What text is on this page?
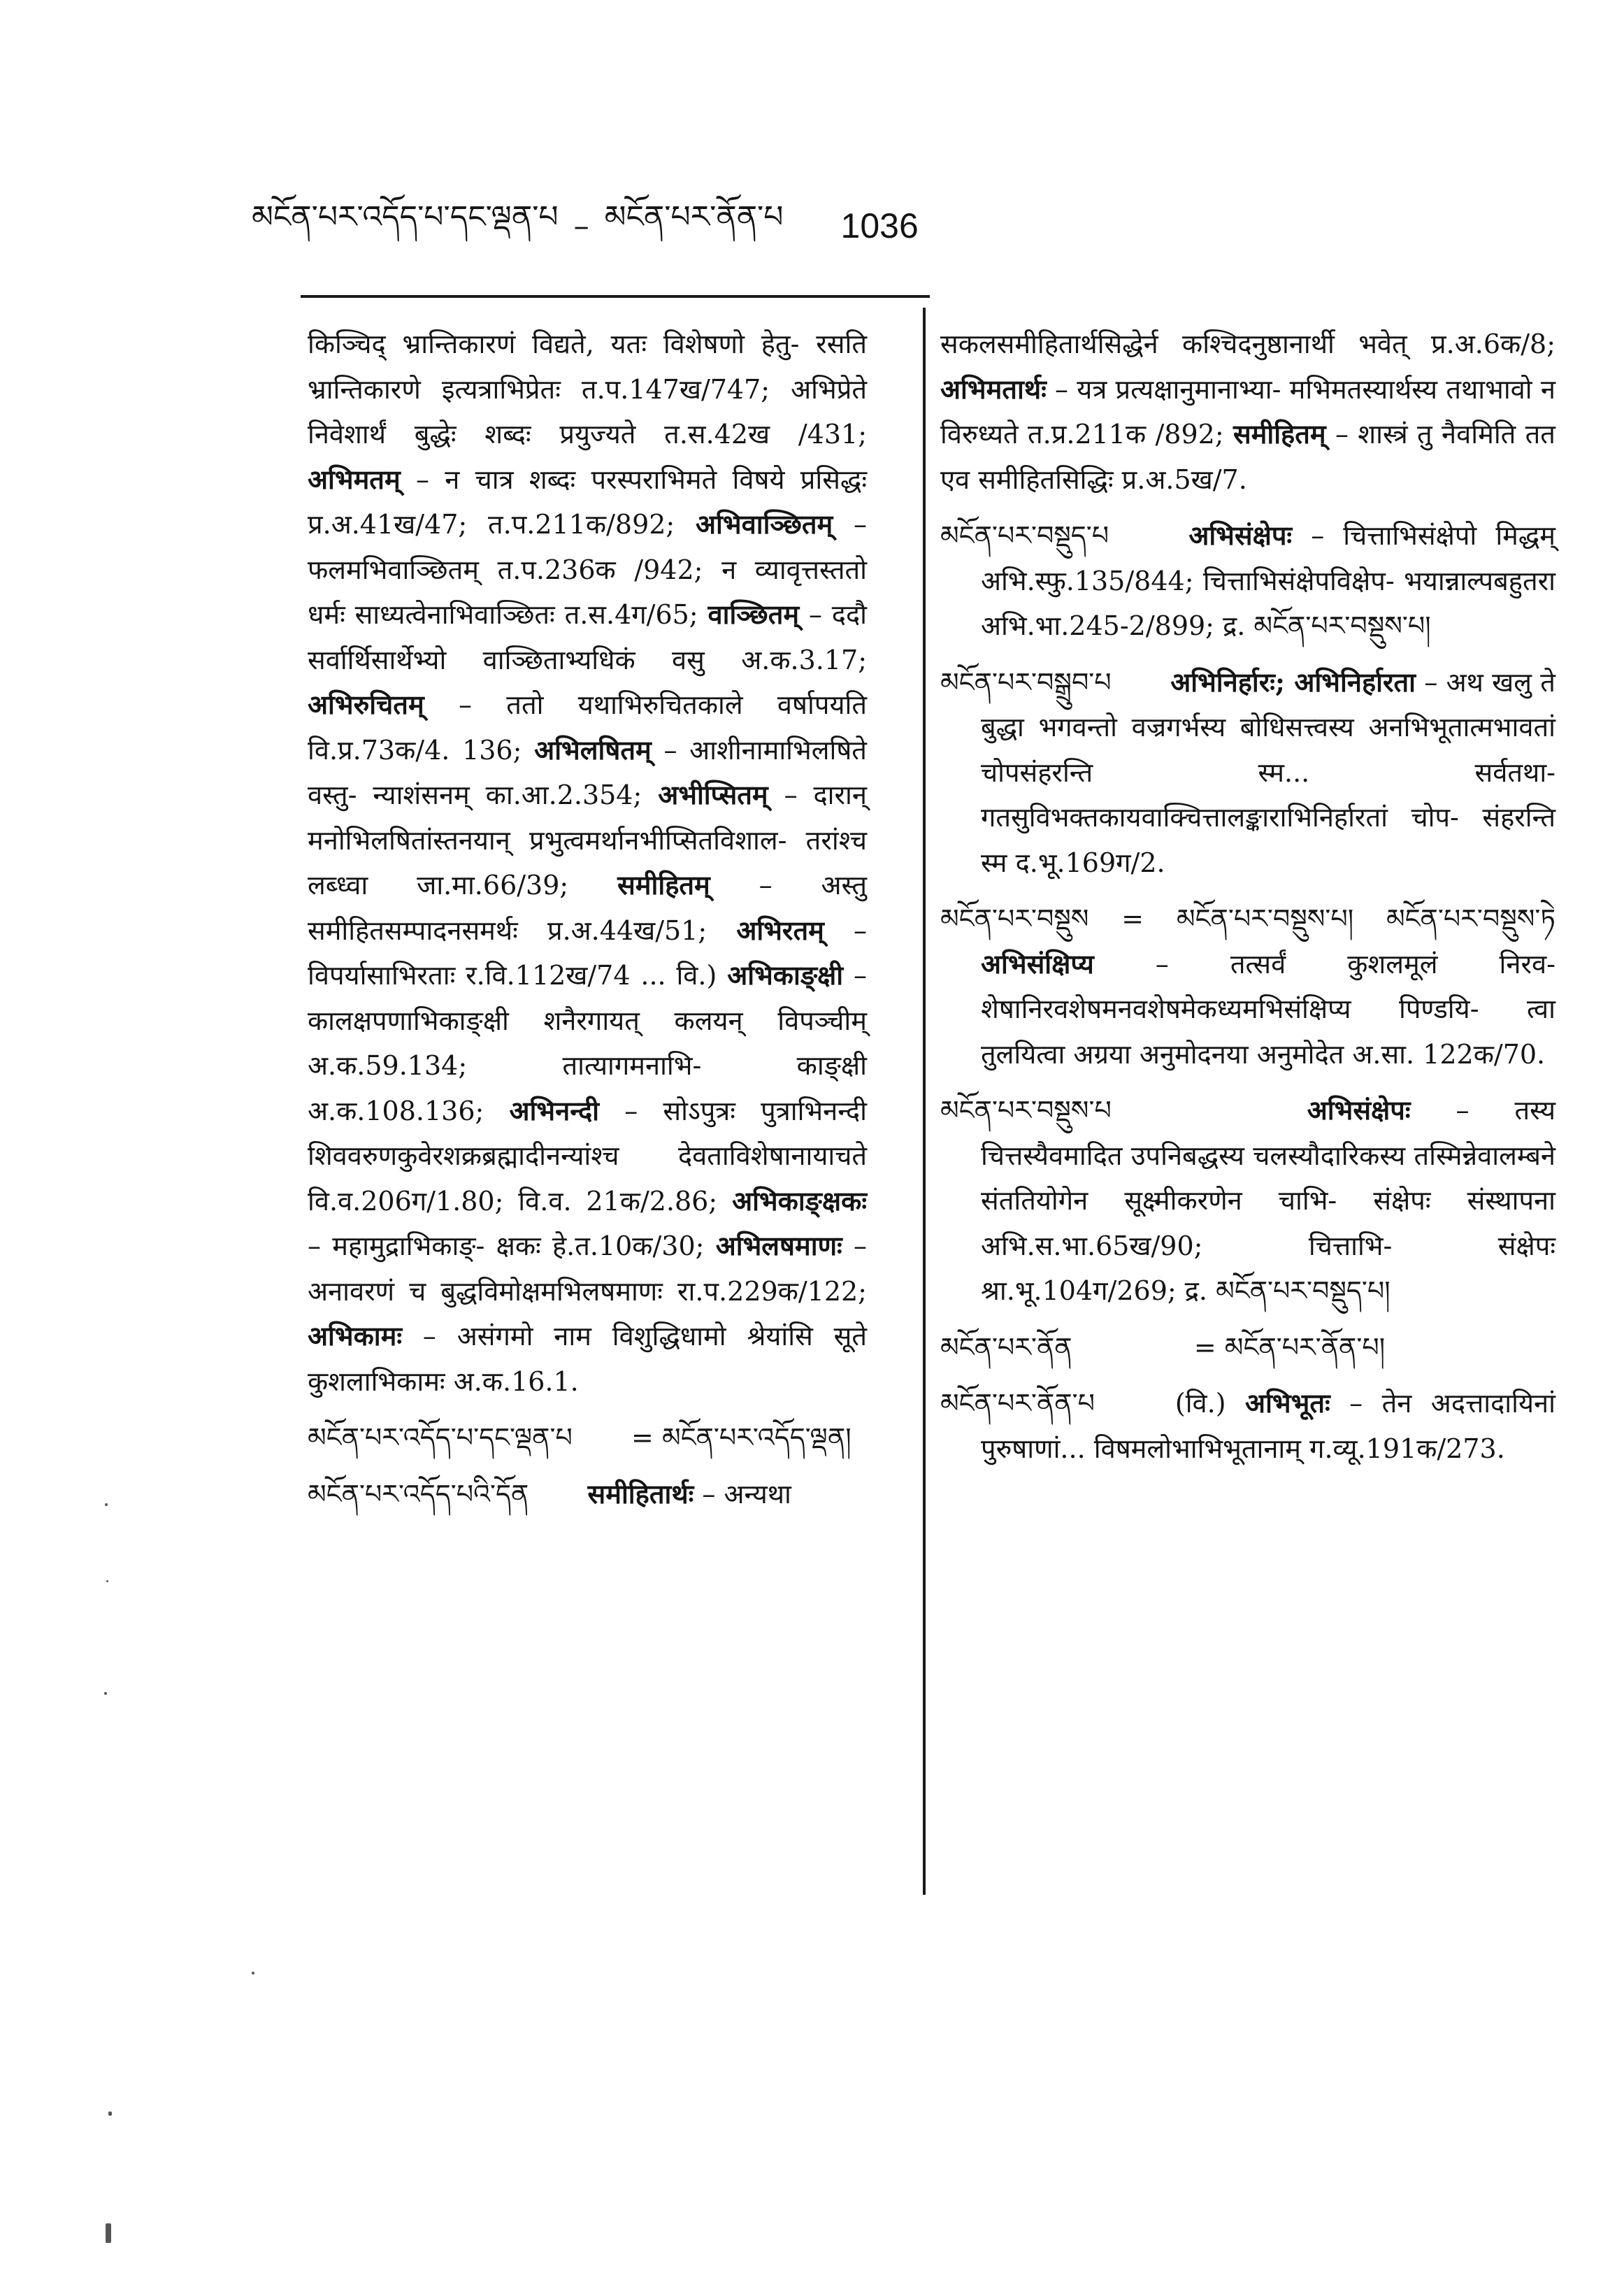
མངོན་པར་འདོད་པ་དང་ལྡན་པ – མངོན་པར་ནོན་པ 1036

किञ्चिद् भ्रान्तिकारणं विद्यते, यतः विशेषणो हेतु- रसति भ्रान्तिकारणे इत्यत्राभिप्रेतः त.प.147ख/747; अभिप्रेते निवेशार्थं बुद्धेः शब्दः प्रयुज्यते त.स.42ख /431; अभिमतम् – न चात्र शब्दः परस्पराभिमते विषये प्रसिद्धः प्र.अ.41ख/47; त.प.211क/892; अभिवाञ्छितम् – फलमभिवाञ्छितम् त.प.236क /942; न व्यावृत्तस्ततो धर्मः साध्यत्वेनाभिवाञ्छितः त.स.4ग/65; वाञ्छितम् – ददौ सर्वार्थिसार्थेभ्यो वाञ्छिताभ्यधिकं वसु अ.क.3.17; अभिरुचितम् – ततो यथाभिरुचितकाले वर्षापयति वि.प्र.73क/4. 136; अभिलषितम् – आशीनामाभिलषिते वस्तु- न्याशंसनम् का.आ.2.354; अभीप्सितम् – दारान् मनोभिलषितांस्तनयान् प्रभुत्वमर्थानभीप्सितविशाल- तरांश्च लब्ध्वा जा.मा.66/39; समीहितम् – अस्तु समीहितसम्पादनसमर्थः प्र.अ.44ख/51; अभिरतम् – विपर्यासाभिरताः र.वि.112ख/74 ... वि.) अभिकाङ्क्षी – कालक्षपणाभिकाङ्क्षी शनैरगायत् कलयन् विपञ्चीम् अ.क.59.134; तात्यागमनाभि- काङ्क्षी अ.क.108.136; अभिनन्दी – सोऽपुत्रः पुत्राभिनन्दी शिववरुणकुवेरशक्रब्रह्मादीनन्यांश्च देवताविशेषानायाचते वि.व.206ग/1.80; वि.व. 21क/2.86; अभिकाङ्क्षकः – महामुद्राभिकाङ्- क्षकः हे.त.10क/30; अभिलषमाणः – अनावरणं च बुद्धविमोक्षमभिलषमाणः रा.प.229क/122; अभिकामः – असंगमो नाम विशुद्धिधामो श्रेयांसि सूते कुशलाभिकामः अ.क.16.1.

མངོན་པར་འདོད་པ་དང་ལྡན་པ = མངོན་པར་འདོད་ལྡན།

མངོན་པར་འདོད་པའི་དོན समीहितार्थः – अन्यथा

सकलसमीहितार्थसिद्धेर्न कश्चिदनुष्ठानार्थी भवेत् प्र.अ.6क/8; अभिमतार्थः – यत्र प्रत्यक्षानुमानाभ्या- मभिमतस्यार्थस्य तथाभावो न विरुध्यते त.प्र.211क /892; समीहितम् – शास्त्रं तु नैवमिति तत एव समीहितसिद्धिः प्र.अ.5ख/7.

མངོན་པར་བསྡུད་པ	अभिसंक्षेपः – चित्ताभिसंक्षेपो मिद्धम् अभि.स्फु.135/844; चित्ताभिसंक्षेपविक्षेप- भयान्नाल्पबहुतरा अभि.भा.245-2/899; द्र. མངོན་པར་བསྡུས་པ།

མངོན་པར་བསྒྲུབ་པ अभिनिर्हारः; अभिनिर्हारता – अथ खलु ते बुद्धा भगवन्तो वज्रगर्भस्य बोधिसत्त्वस्य अनभिभूतात्मभावतां चोपसंहरन्ति स्म... सर्वतथा- गतसुविभक्तकायवाक्चित्तालङ्काराभिनिर्हारतां चोप- संहरन्ति स्म द.भू.169ग/2.

མངོན་པར་བསྡུས = མངོན་པར་བསྡུས་པ། མངོན་པར་བསྡུས་ཏེ अभिसंक्षिप्य – तत्सर्वं कुशलमूलं निरव- शेषानिरवशेषमनवशेषमेकध्यमभिसंक्षिप्य पिण्डयि- त्वा तुलयित्वा अग्रया अनुमोदनया अनुमोदेत अ.सा. 122क/70.

མངོན་པར་བསྡུས་པ	अभिसंक्षेपः – तस्य चित्तस्यैवमादित उपनिबद्धस्य चलस्यौदारिकस्य तस्मिन्नेवालम्बने संततियोगेन सूक्ष्मीकरणेन चाभि- संक्षेपः संस्थापना अभि.स.भा.65ख/90; चित्ताभि- संक्षेपः श्रा.भू.104ग/269; द्र. མངོན་པར་བསྡུད་པ།

མངོན་པར་ནོན	= མངོན་པར་ནོན་པ།

མངོན་པར་ནོན་པ	(वि.) अभिभूतः – तेन अदत्तादायिनां पुरुषाणां... विषमलोभाभिभूतानाम् ग.व्यू.191क/273.
